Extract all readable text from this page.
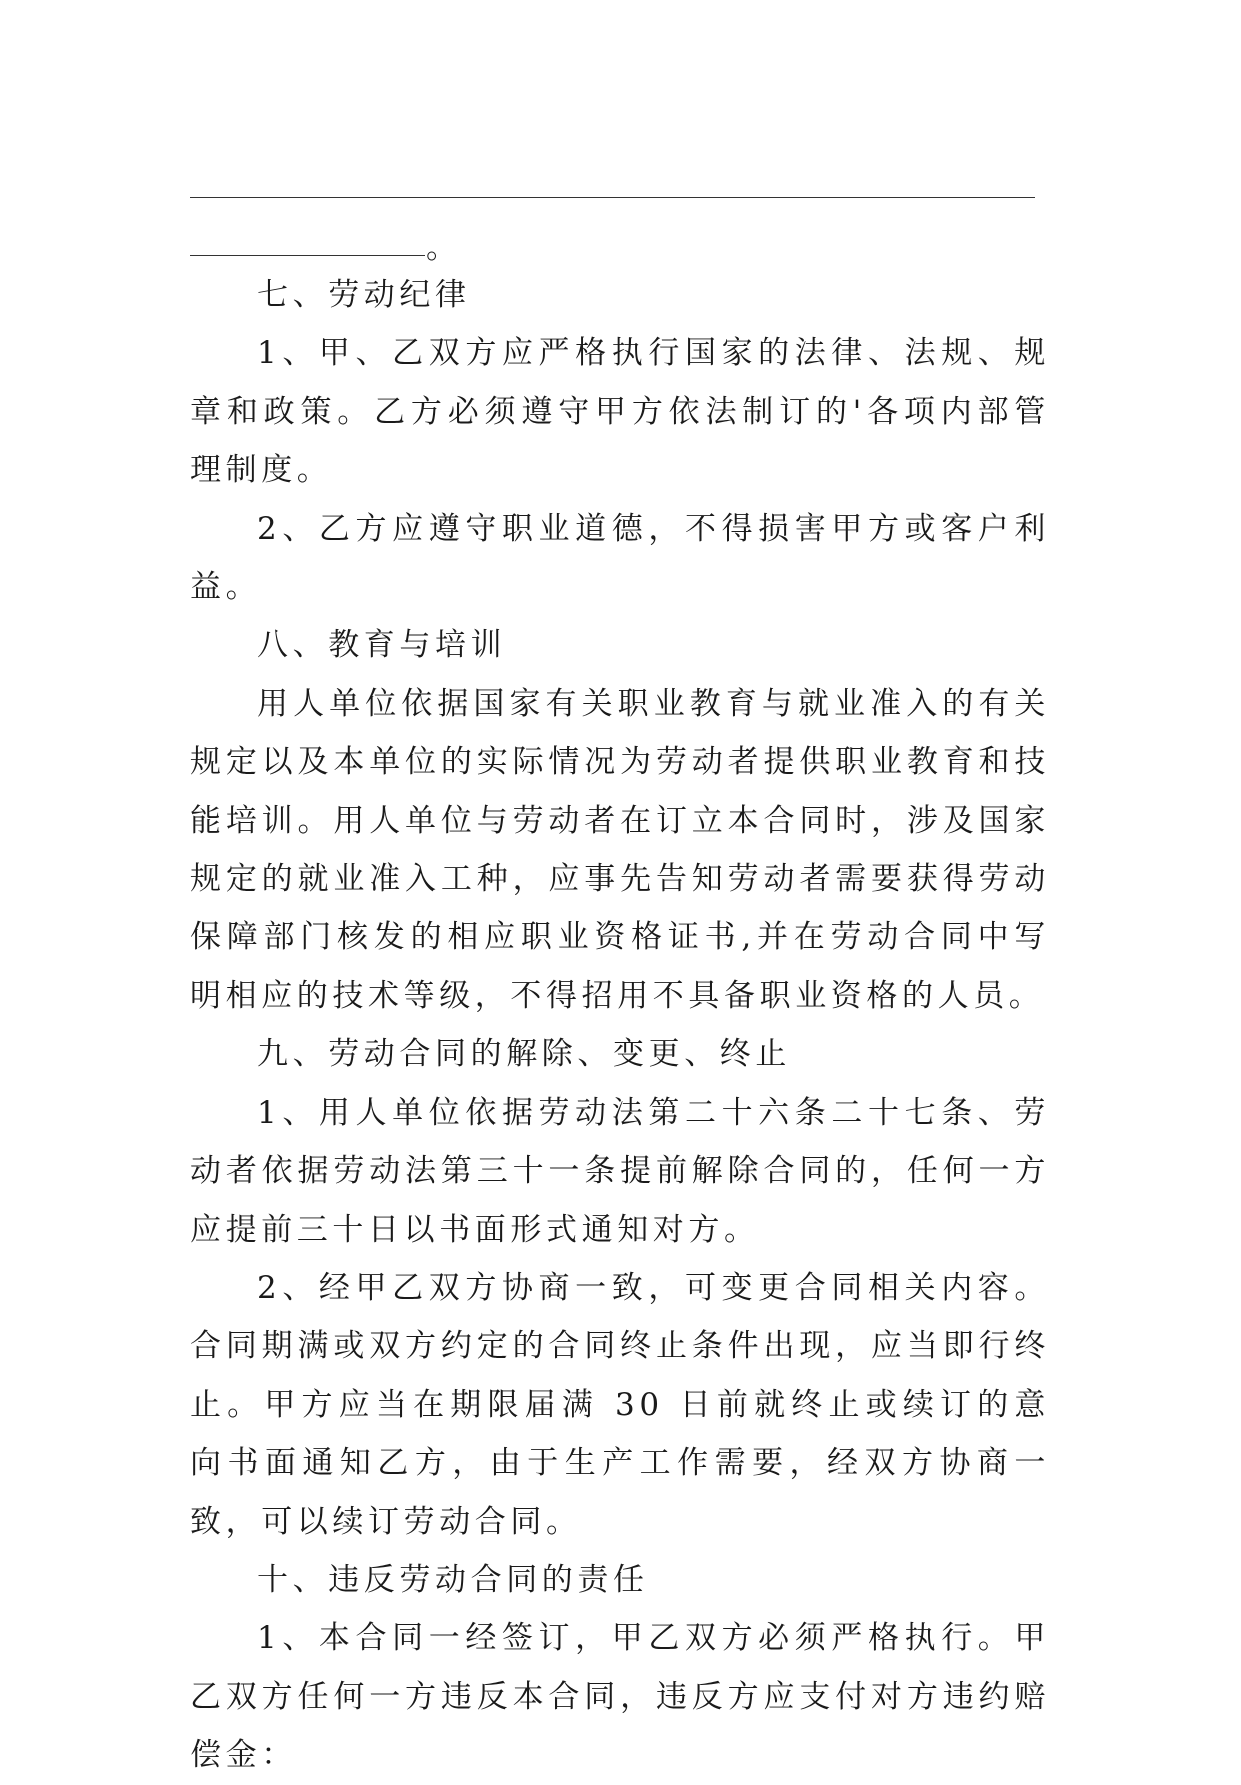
。

七、劳动纪律

1、甲、乙双方应严格执行国家的法律、法规、规章和政策。乙方必须遵守甲方依法制订的'各项内部管理制度。

2、乙方应遵守职业道德，不得损害甲方或客户利益。

八、教育与培训

用人单位依据国家有关职业教育与就业准入的有关规定以及本单位的实际情况为劳动者提供职业教育和技能培训。用人单位与劳动者在订立本合同时，涉及国家规定的就业准入工种，应事先告知劳动者需要获得劳动保障部门核发的相应职业资格证书,并在劳动合同中写明相应的技术等级，不得招用不具备职业资格的人员。

九、劳动合同的解除、变更、终止

1、用人单位依据劳动法第二十六条二十七条、劳动者依据劳动法第三十一条提前解除合同的，任何一方应提前三十日以书面形式通知对方。

2、经甲乙双方协商一致，可变更合同相关内容。合同期满或双方约定的合同终止条件出现，应当即行终止。甲方应当在期限届满 30 日前就终止或续订的意向书面通知乙方，由于生产工作需要，经双方协商一致，可以续订劳动合同。

十、违反劳动合同的责任

1、本合同一经签订，甲乙双方必须严格执行。甲乙双方任何一方违反本合同，违反方应支付对方违约赔偿金：
